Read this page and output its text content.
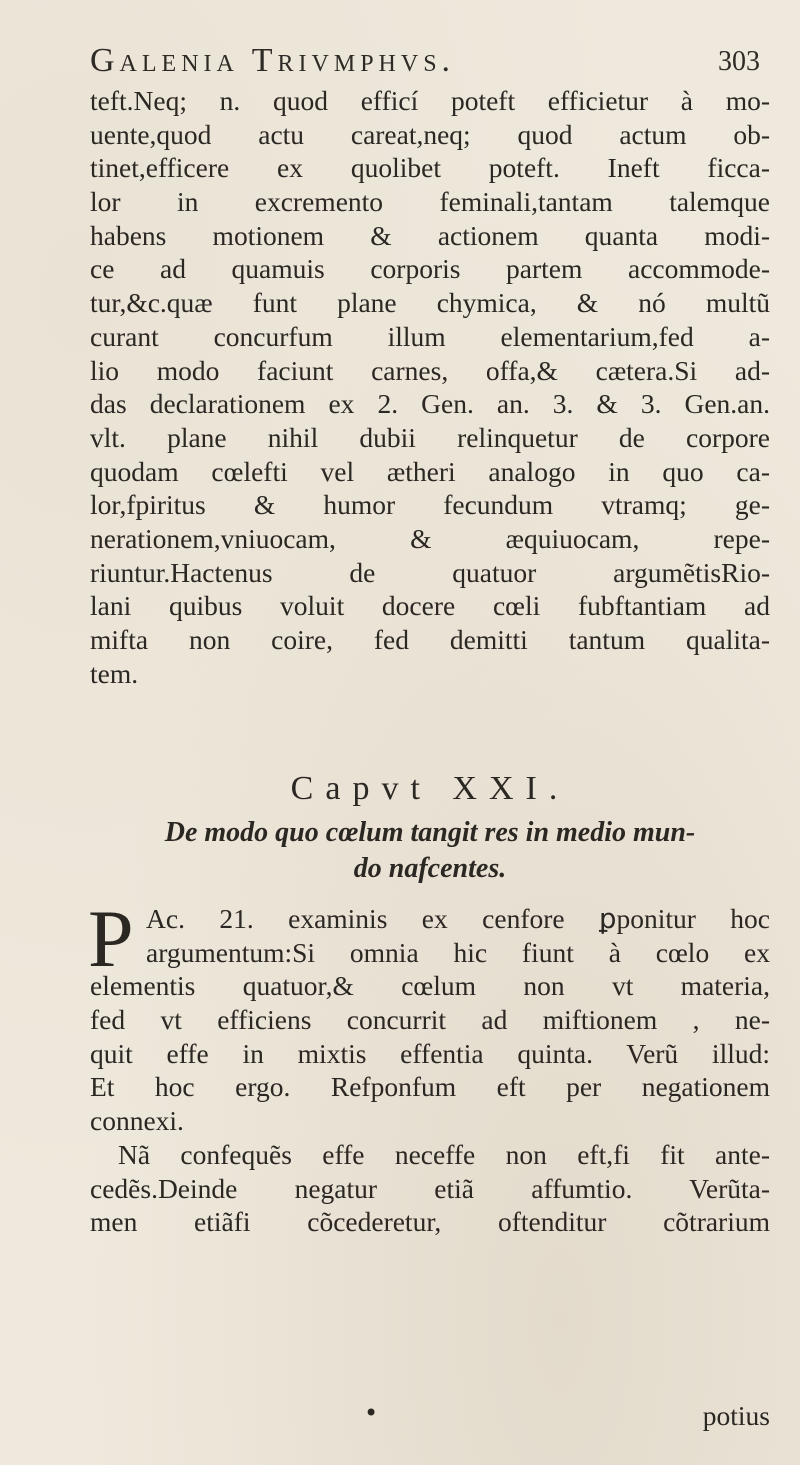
Galenia Trivmphvs.	303
teft.Neq; n. quod efficí poteft efficietur à mo-
uente,quod actu careat,neq; quod actum ob-
tinet,efficere ex quolibet poteft. Ineft ficca-
lor in excremento feminali,tantam talemque
habens motionem & actionem quanta modi-
ce ad quamuis corporis partem accommode-
tur,&c.quæ funt plane chymica, & nó multũ
curant concurfum illum elementarium,fed a-
lio modo faciunt carnes, offa,& cætera.Si ad-
das declarationem ex 2. Gen. an. 3. & 3. Gen.an.
vlt. plane nihil dubii relinquetur de corpore
quodam cœlefti vel ætheri analogo in quo ca-
lor,fpiritus & humor fecundum vtramq; ge-
nerationem,vniuocam, & æquiuocam, repe-
riuntur.Hactenus de quatuor argumẽtisRio-
lani quibus voluit docere cœli fubftantiam ad
mifta non coire, fed demitti tantum qualita-
tem.
Capvt XXI.
De modo quo cœlum tangit res in medio mun-
do nafcentes.
P Ac. 21. examinis ex cenfore ꝑponitur hoc
argumentum:Si omnia hic fiunt à cœlo ex
elementis quatuor,& cœlum non vt materia,
fed vt efficiens concurrit ad miftionem , ne-
quit effe in mixtis effentia quinta. Verũ illud:
Et hoc ergo. Refponfum eft per negationem
connexi.
Nã confequẽs effe neceffe non eft,fi fit ante-
cedẽs.Deinde negatur etiã affumtio. Verũta-
men etiãfi cõcederetur, oftenditur cõtrarium
•	potius
